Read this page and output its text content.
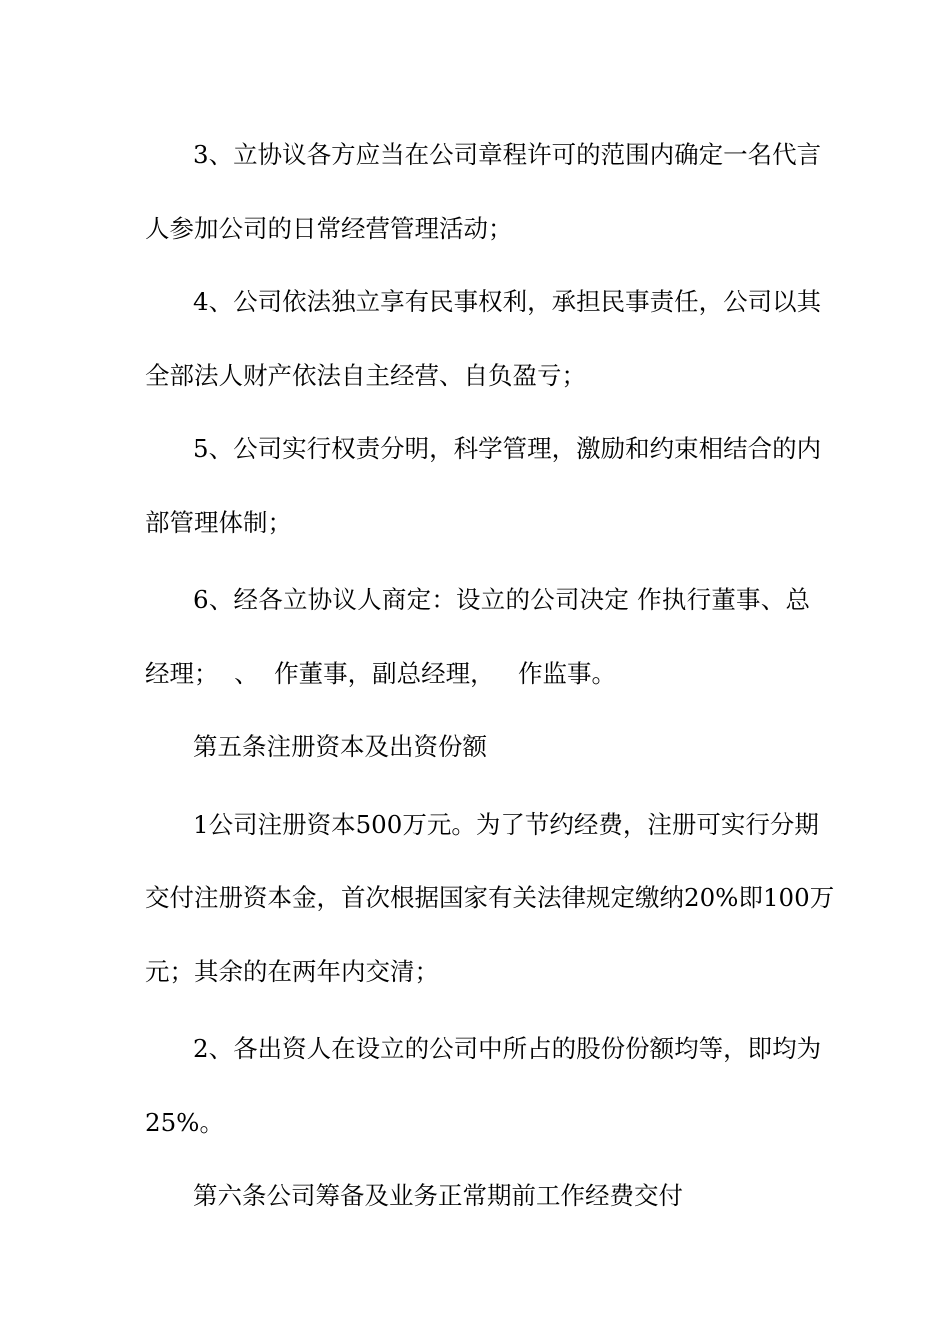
3、立协议各方应当在公司章程许可的范围内确定一名代言
人参加公司的日常经营管理活动；
4、公司依法独立享有民事权利，承担民事责任，公司以其
全部法人财产依法自主经营、自负盈亏；
5、公司实行权责分明，科学管理，激励和约束相结合的内
部管理体制；
6、经各立协议人商定：设立的公司决定 作执行董事、总
经理；  、  作董事，副总经理，   作监事。
第五条注册资本及出资份额
1公司注册资本500万元。为了节约经费，注册可实行分期
交付注册资本金，首次根据国家有关法律规定缴纳20%即100万
元；其余的在两年内交清；
2、各出资人在设立的公司中所占的股份份额均等，即均为
25%。
第六条公司筹备及业务正常期前工作经费交付
